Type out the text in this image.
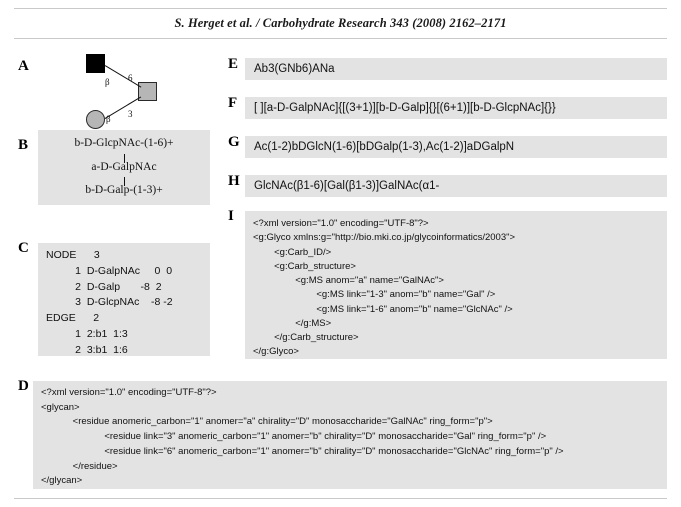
S. Herget et al. / Carbohydrate Research 343 (2008) 2162–2171
A
β 6
β 3
B	b-D-GlcpNAc-(1-6)+
a-D-GalpNAc
b-D-Galp-(1-3)+
C NODE      3
1  D-GalpNAc     0  0
2  D-Galp       -8  2
3  D-GlcpNAc    -8 -2
EDGE      2
1  2:b1  1:3
2  3:b1  1:6
D <?xml version="1.0" encoding="UTF-8"?>
<glycan>
<residue anomeric_carbon="1" anomer="a" chirality="D" monosaccharide="GalNAc" ring_form="p">
<residue link="3" anomeric_carbon="1" anomer="b" chirality="D" monosaccharide="Gal" ring_form="p" />
<residue link="6" anomeric_carbon="1" anomer="b" chirality="D" monosaccharide="GlcNAc" ring_form="p" />
</residue>
</glycan>
E Ab3(GNb6)ANa
F [ ][a-D-GalpNAc]{[(3+1)][b-D-Galp]{}[(6+1)][b-D-GlcpNAc]{}}
G Ac(1-2)bDGlcN(1-6)[bDGalp(1-3),Ac(1-2)]aDGalpN
H GlcNAc(β1-6)[Gal(β1-3)]GalNAc(α1-
I <?xml version="1.0" encoding="UTF-8"?>
<g:Glyco xmlns:g="http://bio.mki.co.jp/glycoinformatics/2003">
<g:Carb_ID/>
<g:Carb_structure>
<g:MS anom="a" name="GalNAc">
<g:MS link="1-3" anom="b" name="Gal" />
<g:MS link="1-6" anom="b" name="GlcNAc" />
</g:MS>
</g:Carb_structure>
</g:Glyco>
